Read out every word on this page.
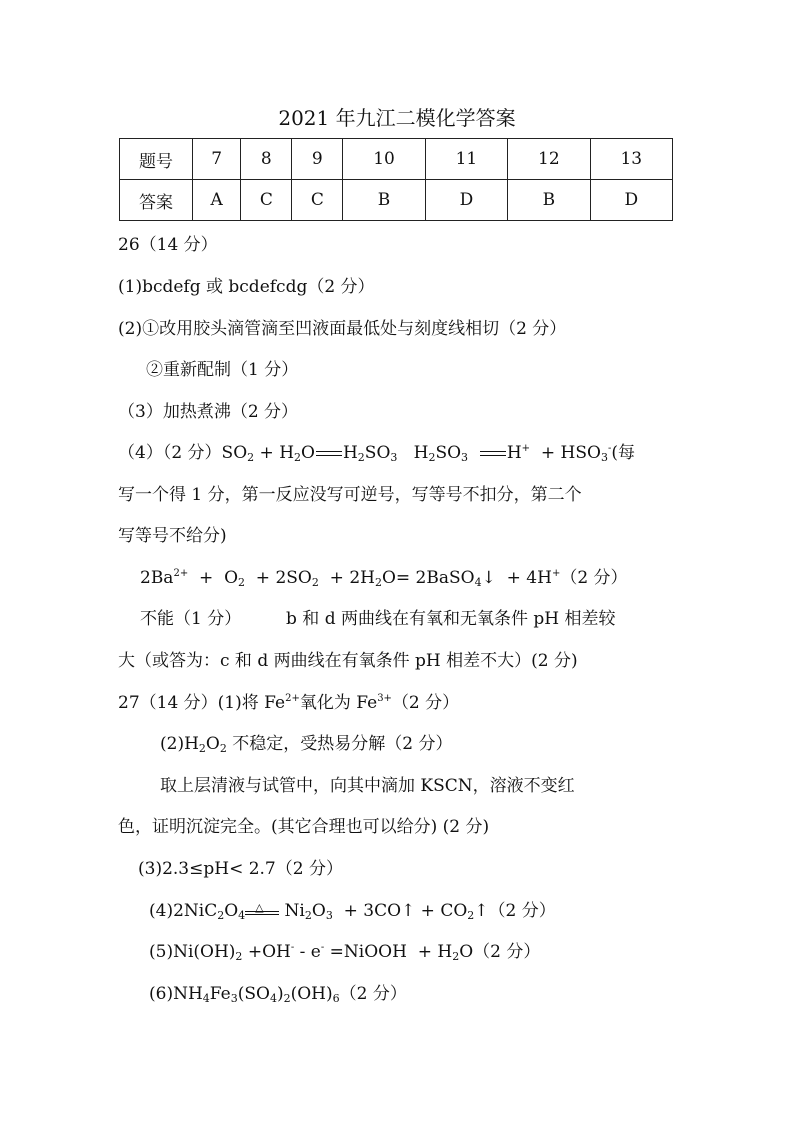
2021 年九江二模化学答案
题号	7	8	9	10	11	12	13
答案	A	C	C	B	D	B	D
26（14 分）
(1)bcdefg 或 bcdefcdg（2 分）
(2)①改用胶头滴管滴至凹液面最低处与刻度线相切（2 分）
②重新配制（1 分）
（3）加热煮沸（2 分）
（4）（2 分）$SO_2 + H_2O$ $H_2SO_3$   $H_2SO_3$ $H^+ + HSO_3^-$(每
写一个得 1 分，第一反应没写可逆号，写等号不扣分，第二个
写等号不给分)
$2Ba^{2+} + O_2 + 2SO_2 + 2H_2O=$ 2BaSO$_4$↓  + 4H+（2 分）
不能（1 分）	b 和 d 两曲线在有氧和无氧条件 pH 相差较
大（或答为：c 和 d 两曲线在有氧条件 pH 相差不大）(2 分)
27（14 分）(1)将 $Fe^{2+}$氧化为 $Fe^{3+}(2$ 分）
$(2)H_2O_2$ 不稳定，受热易分解（2 分）
取上层清液与试管中，向其中滴加 KSCN，溶液不变红
色，证明沉淀完全。(其它合理也可以给分) (2 分)
(3)2.3≤pH< 2.7（2 分）
$(4)2NiC_2O_4$
△ $Ni_2O_3$  + 3CO↑ + $CO_2↑(2$ 分）
$(5)Ni(OH)_2 +OH^- - e^-$ =NiOOH  + $H_2O(2$ 分）
$(6)NH_4Fe_3(SO_4)_2(OH)_6(2$ 分）
